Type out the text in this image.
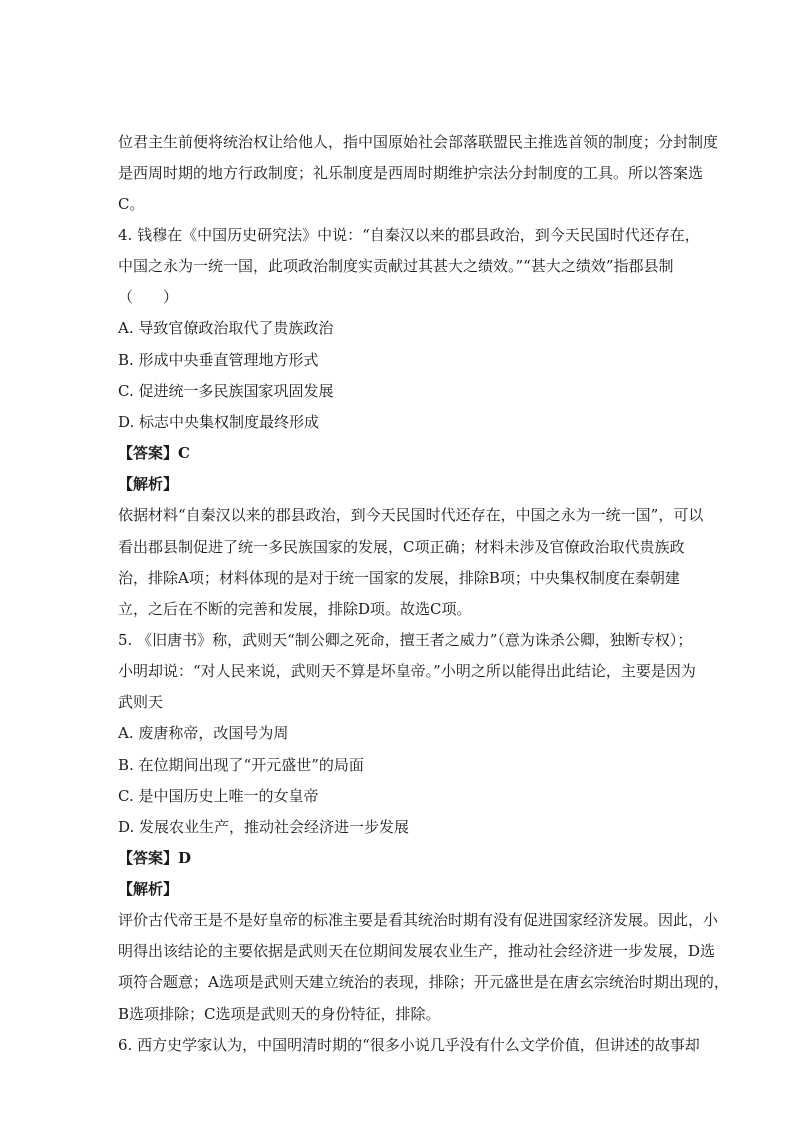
位君主生前便将统治权让给他人，指中国原始社会部落联盟民主推选首领的制度；分封制度
是西周时期的地方行政制度；礼乐制度是西周时期维护宗法分封制度的工具。所以答案选
C。
4. 钱穆在《中国历史研究法》中说：“自秦汉以来的郡县政治，到今天民国时代还存在，
中国之永为一统一国，此项政治制度实贡献过其甚大之绩效。”“甚大之绩效”指郡县制
（　　）
A. 导致官僚政治取代了贵族政治
B. 形成中央垂直管理地方形式
C. 促进统一多民族国家巩固发展
D. 标志中央集权制度最终形成
【答案】C
【解析】
依据材料“自秦汉以来的郡县政治，到今天民国时代还存在，中国之永为一统一国”，可以
看出郡县制促进了统一多民族国家的发展，C项正确；材料未涉及官僚政治取代贵族政
治，排除A项；材料体现的是对于统一国家的发展，排除B项；中央集权制度在秦朝建
立，之后在不断的完善和发展，排除D项。故选C项。
5. 《旧唐书》称，武则天“制公卿之死命，擅王者之威力”（意为诛杀公卿，独断专权）；
小明却说：“对人民来说，武则天不算是坏皇帝。”小明之所以能得出此结论，主要是因为
武则天
A. 废唐称帝，改国号为周
B. 在位期间出现了“开元盛世”的局面
C. 是中国历史上唯一的女皇帝
D. 发展农业生产，推动社会经济进一步发展
【答案】D
【解析】
评价古代帝王是不是好皇帝的标准主要是看其统治时期有没有促进国家经济发展。因此，小
明得出该结论的主要依据是武则天在位期间发展农业生产，推动社会经济进一步发展，D选
项符合题意；A选项是武则天建立统治的表现，排除；开元盛世是在唐玄宗统治时期出现的，
B选项排除；C选项是武则天的身份特征，排除。
6. 西方史学家认为，中国明清时期的“很多小说几乎没有什么文学价值，但讲述的故事却
